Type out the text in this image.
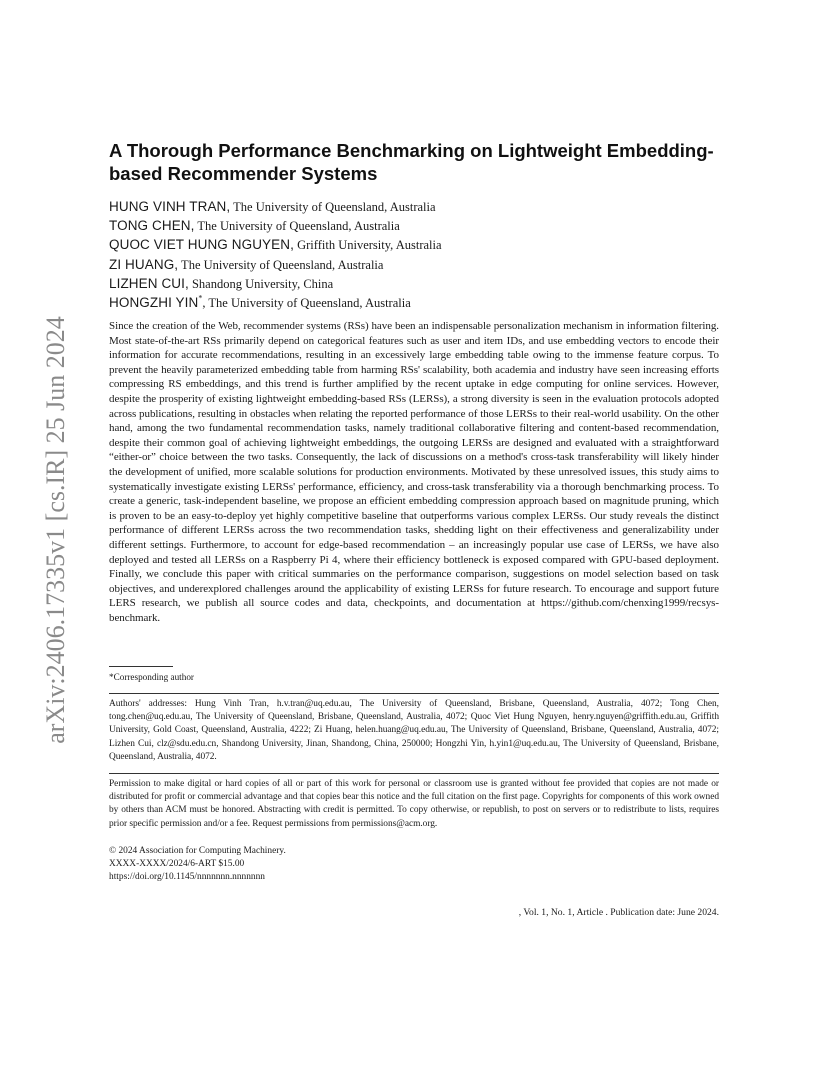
arXiv:2406.17335v1 [cs.IR] 25 Jun 2024
A Thorough Performance Benchmarking on Lightweight Embedding-based Recommender Systems
HUNG VINH TRAN, The University of Queensland, Australia
TONG CHEN, The University of Queensland, Australia
QUOC VIET HUNG NGUYEN, Griffith University, Australia
ZI HUANG, The University of Queensland, Australia
LIZHEN CUI, Shandong University, China
HONGZHI YIN*, The University of Queensland, Australia

Since the creation of the Web, recommender systems (RSs) have been an indispensable personalization mechanism in information filtering. Most state-of-the-art RSs primarily depend on categorical features such as user and item IDs, and use embedding vectors to encode their information for accurate recommendations, resulting in an excessively large embedding table owing to the immense feature corpus. To prevent the heavily parameterized embedding table from harming RSs' scalability, both academia and industry have seen increasing efforts compressing RS embeddings, and this trend is further amplified by the recent uptake in edge computing for online services. However, despite the prosperity of existing lightweight embedding-based RSs (LERSs), a strong diversity is seen in the evaluation protocols adopted across publications, resulting in obstacles when relating the reported performance of those LERSs to their real-world usability. On the other hand, among the two fundamental recommendation tasks, namely traditional collaborative filtering and content-based recommendation, despite their common goal of achieving lightweight embeddings, the outgoing LERSs are designed and evaluated with a straightforward “either-or” choice between the two tasks. Consequently, the lack of discussions on a method's cross-task transferability will likely hinder the development of unified, more scalable solutions for production environments. Motivated by these unresolved issues, this study aims to systematically investigate existing LERSs' performance, efficiency, and cross-task transferability via a thorough benchmarking process. To create a generic, task-independent baseline, we propose an efficient embedding compression approach based on magnitude pruning, which is proven to be an easy-to-deploy yet highly competitive baseline that outperforms various complex LERSs. Our study reveals the distinct performance of different LERSs across the two recommendation tasks, shedding light on their effectiveness and generalizability under different settings. Furthermore, to account for edge-based recommendation – an increasingly popular use case of LERSs, we have also deployed and tested all LERSs on a Raspberry Pi 4, where their efficiency bottleneck is exposed compared with GPU-based deployment. Finally, we conclude this paper with critical summaries on the performance comparison, suggestions on model selection based on task objectives, and underexplored challenges around the applicability of existing LERSs for future research. To encourage and support future LERS research, we publish all source codes and data, checkpoints, and documentation at https://github.com/chenxing1999/recsys-benchmark.

*Corresponding author

Authors' addresses: Hung Vinh Tran, h.v.tran@uq.edu.au, The University of Queensland, Brisbane, Queensland, Australia, 4072; Tong Chen, tong.chen@uq.edu.au, The University of Queensland, Brisbane, Queensland, Australia, 4072; Quoc Viet Hung Nguyen, henry.nguyen@griffith.edu.au, Griffith University, Gold Coast, Queensland, Australia, 4222; Zi Huang, helen.huang@uq.edu.au, The University of Queensland, Brisbane, Queensland, Australia, 4072; Lizhen Cui, clz@sdu.edu.cn, Shandong University, Jinan, Shandong, China, 250000; Hongzhi Yin, h.yin1@uq.edu.au, The University of Queensland, Brisbane, Queensland, Australia, 4072.

Permission to make digital or hard copies of all or part of this work for personal or classroom use is granted without fee provided that copies are not made or distributed for profit or commercial advantage and that copies bear this notice and the full citation on the first page. Copyrights for components of this work owned by others than ACM must be honored. Abstracting with credit is permitted. To copy otherwise, or republish, to post on servers or to redistribute to lists, requires prior specific permission and/or a fee. Request permissions from permissions@acm.org.

© 2024 Association for Computing Machinery.
XXXX-XXXX/2024/6-ART $15.00
https://doi.org/10.1145/nnnnnnn.nnnnnnn

, Vol. 1, No. 1, Article . Publication date: June 2024.
